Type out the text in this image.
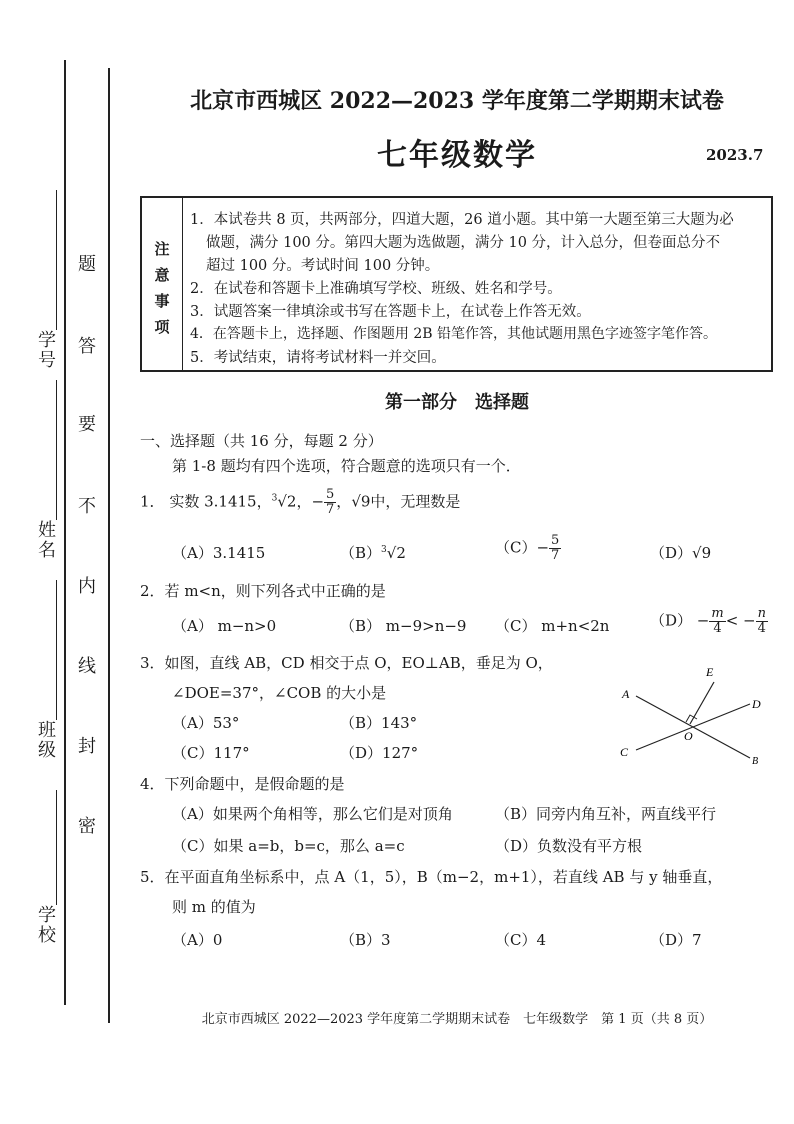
学号
姓名
班级
学校
题
答
要
不
内
线
封
密
北京市西城区 2022—2023 学年度第二学期期末试卷
七年级数学	2023.7
注
意
事
项
1．本试卷共 8 页，共两部分，四道大题，26 道小题。其中第一大题至第三大题为必
做题，满分 100 分。第四大题为选做题，满分 10 分，计入总分，但卷面总分不
超过 100 分。考试时间 100 分钟。
2．在试卷和答题卡上准确填写学校、班级、姓名和学号。
3．试题答案一律填涂或书写在答题卡上，在试卷上作答无效。
4．在答题卡上，选择题、作图题用 2B 铅笔作答，其他试题用黑色字迹签字笔作答。
5．考试结束，请将考试材料一并交回。
第一部分　选择题
一、选择题（共 16 分，每题 2 分）
第 1-8 题均有四个选项，符合题意的选项只有一个．
1． 实数 3.1415，$^3$√2，− $\frac{5}{7}$ ，√9中，无理数是
（A）3.1415	$(B)^3√2$	$(C)- \frac{5}{7}$	（D）√9
2．若 m<n，则下列各式中正确的是
（A） m−n>0	（B） m−9>n−9 （C） m+n<2n	$(D) - \frac{m}{4}$ < − $\frac{n}{4}$
3．如图，直线 AB，CD 相交于点 O，EO⊥AB，垂足为 O，
∠DOE=37°，∠COB 的大小是
（A）53°	（B）143°
（C）117°	（D）127°
A
B
C
D
E
O
4．下列命题中，是假命题的是
（A）如果两个角相等，那么它们是对顶角	（B）同旁内角互补，两直线平行
（C）如果 a=b，b=c，那么 a=c	（D）负数没有平方根
5．在平面直角坐标系中，点 A（1，5），B（m−2，m+1），若直线 AB 与 y 轴垂直，
则 m 的值为
（A）0	（B）3	（C）4	（D）7
北京市西城区 2022—2023 学年度第二学期期末试卷　七年级数学　第 1 页（共 8 页）
